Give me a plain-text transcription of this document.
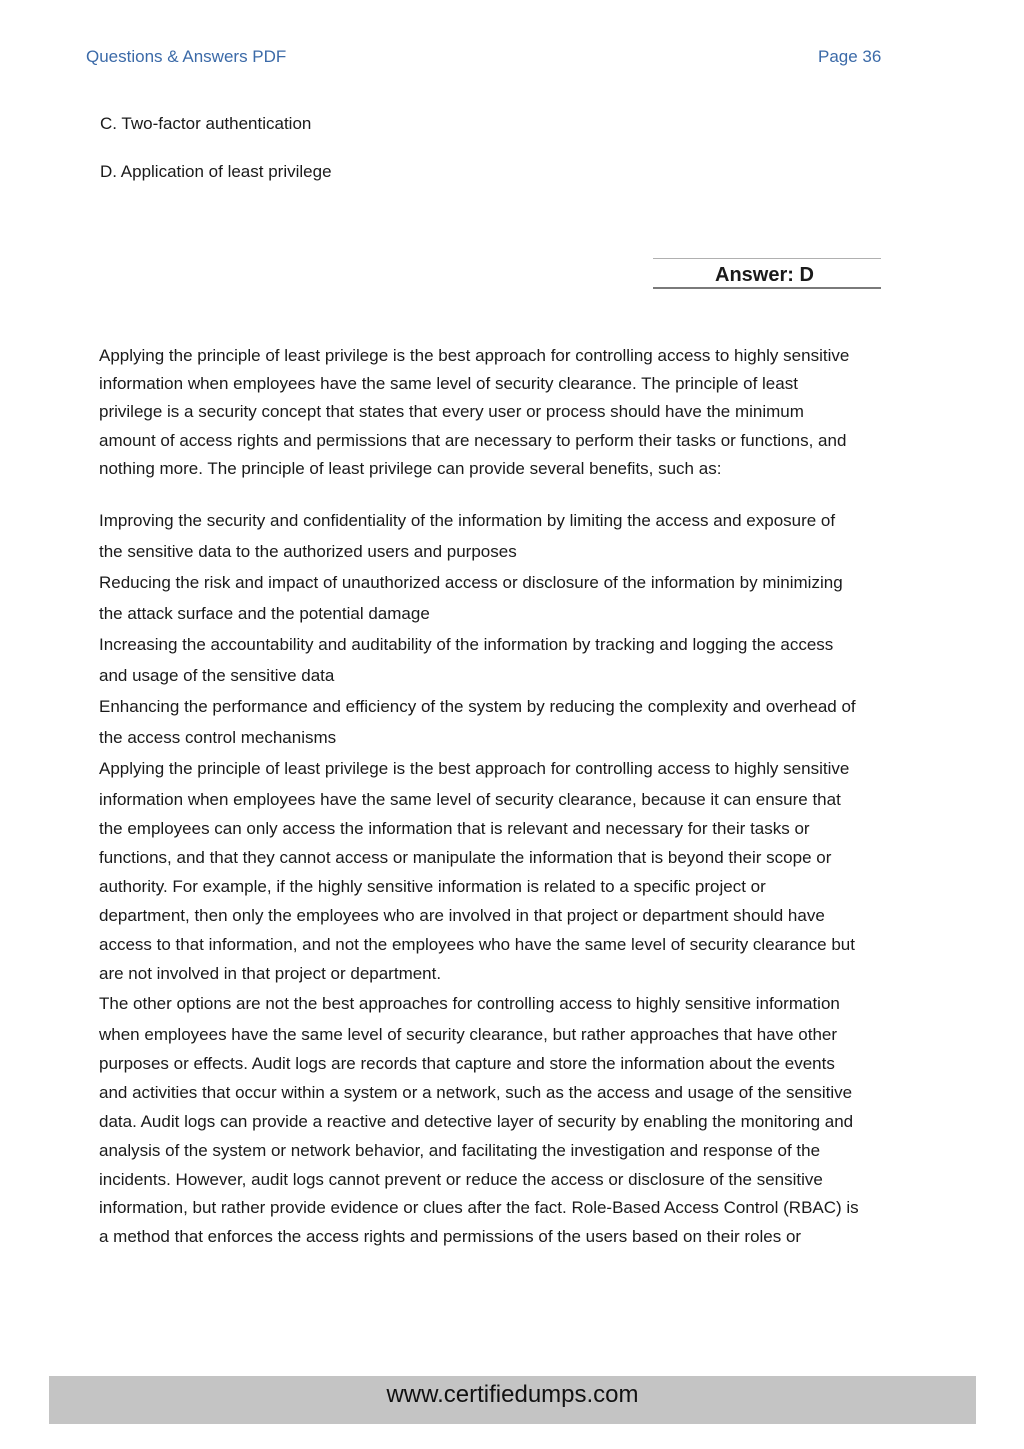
Questions & Answers PDF	Page 36
C. Two-factor authentication
D. Application of least privilege
Answer: D

Applying the principle of least privilege is the best approach for controlling access to highly sensitive

information when employees have the same level of security clearance. The principle of least

privilege is a security concept that states that every user or process should have the minimum

amount of access rights and permissions that are necessary to perform their tasks or functions, and

nothing more. The principle of least privilege can provide several benefits, such as:

Improving the security and confidentiality of the information by limiting the access and exposure of
the sensitive data to the authorized users and purposes
Reducing the risk and impact of unauthorized access or disclosure of the information by minimizing
the attack surface and the potential damage
Increasing the accountability and auditability of the information by tracking and logging the access
and usage of the sensitive data
Enhancing the performance and efficiency of the system by reducing the complexity and overhead of
the access control mechanisms
Applying the principle of least privilege is the best approach for controlling access to highly sensitive
information when employees have the same level of security clearance, because it can ensure that
the employees can only access the information that is relevant and necessary for their tasks or
functions, and that they cannot access or manipulate the information that is beyond their scope or
authority. For example, if the highly sensitive information is related to a specific project or
department, then only the employees who are involved in that project or department should have
access to that information, and not the employees who have the same level of security clearance but
are not involved in that project or department.
The other options are not the best approaches for controlling access to highly sensitive information
when employees have the same level of security clearance, but rather approaches that have other
purposes or effects. Audit logs are records that capture and store the information about the events
and activities that occur within a system or a network, such as the access and usage of the sensitive
data. Audit logs can provide a reactive and detective layer of security by enabling the monitoring and
analysis of the system or network behavior, and facilitating the investigation and response of the
incidents. However, audit logs cannot prevent or reduce the access or disclosure of the sensitive
information, but rather provide evidence or clues after the fact. Role-Based Access Control (RBAC) is
a method that enforces the access rights and permissions of the users based on their roles or
www.certifiedumps.com
